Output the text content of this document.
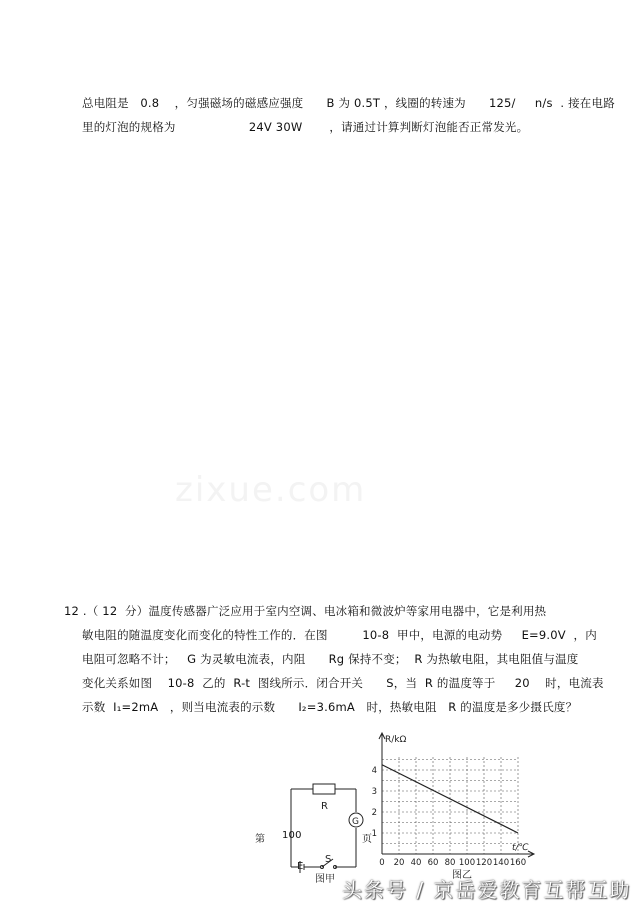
总电阻是   0.8    ，匀强磁场的磁感应强度      B 为 0.5T ，线圈的转速为      125/     n/s  . 接在电路
里的灯泡的规格为                   24V 30W       ，请通过计算判断灯泡能否正常发光。
zixue.com
12 .（ 12  分）温度传感器广泛应用于室内空调、电冰箱和微波炉等家用电器中，它是利用热
敏电阻的随温度变化而变化的特性工作的．在图         10-8  甲中，电源的电动势     E=9.0V  ，内
电阻可忽略不计；   G 为灵敏电流表，内阻      Rg 保持不变；  R 为热敏电阻，其电阻值与温度
变化关系如图    10-8  乙的  R-t  图线所示．闭合开关      S，当  R 的温度等于     20    时，电流表
示数  I₁=2mA   ，则当电流表的示数      I₂=3.6mA   时，热敏电阻   R 的温度是多少摄氏度？
R
G
E
S
图甲
第 100	页
0 20 40 60 80 100 120 140 160
1
2
3
4
R/kΩ
t/℃
图乙
头条号 / 京岳爱教育互帮互助
